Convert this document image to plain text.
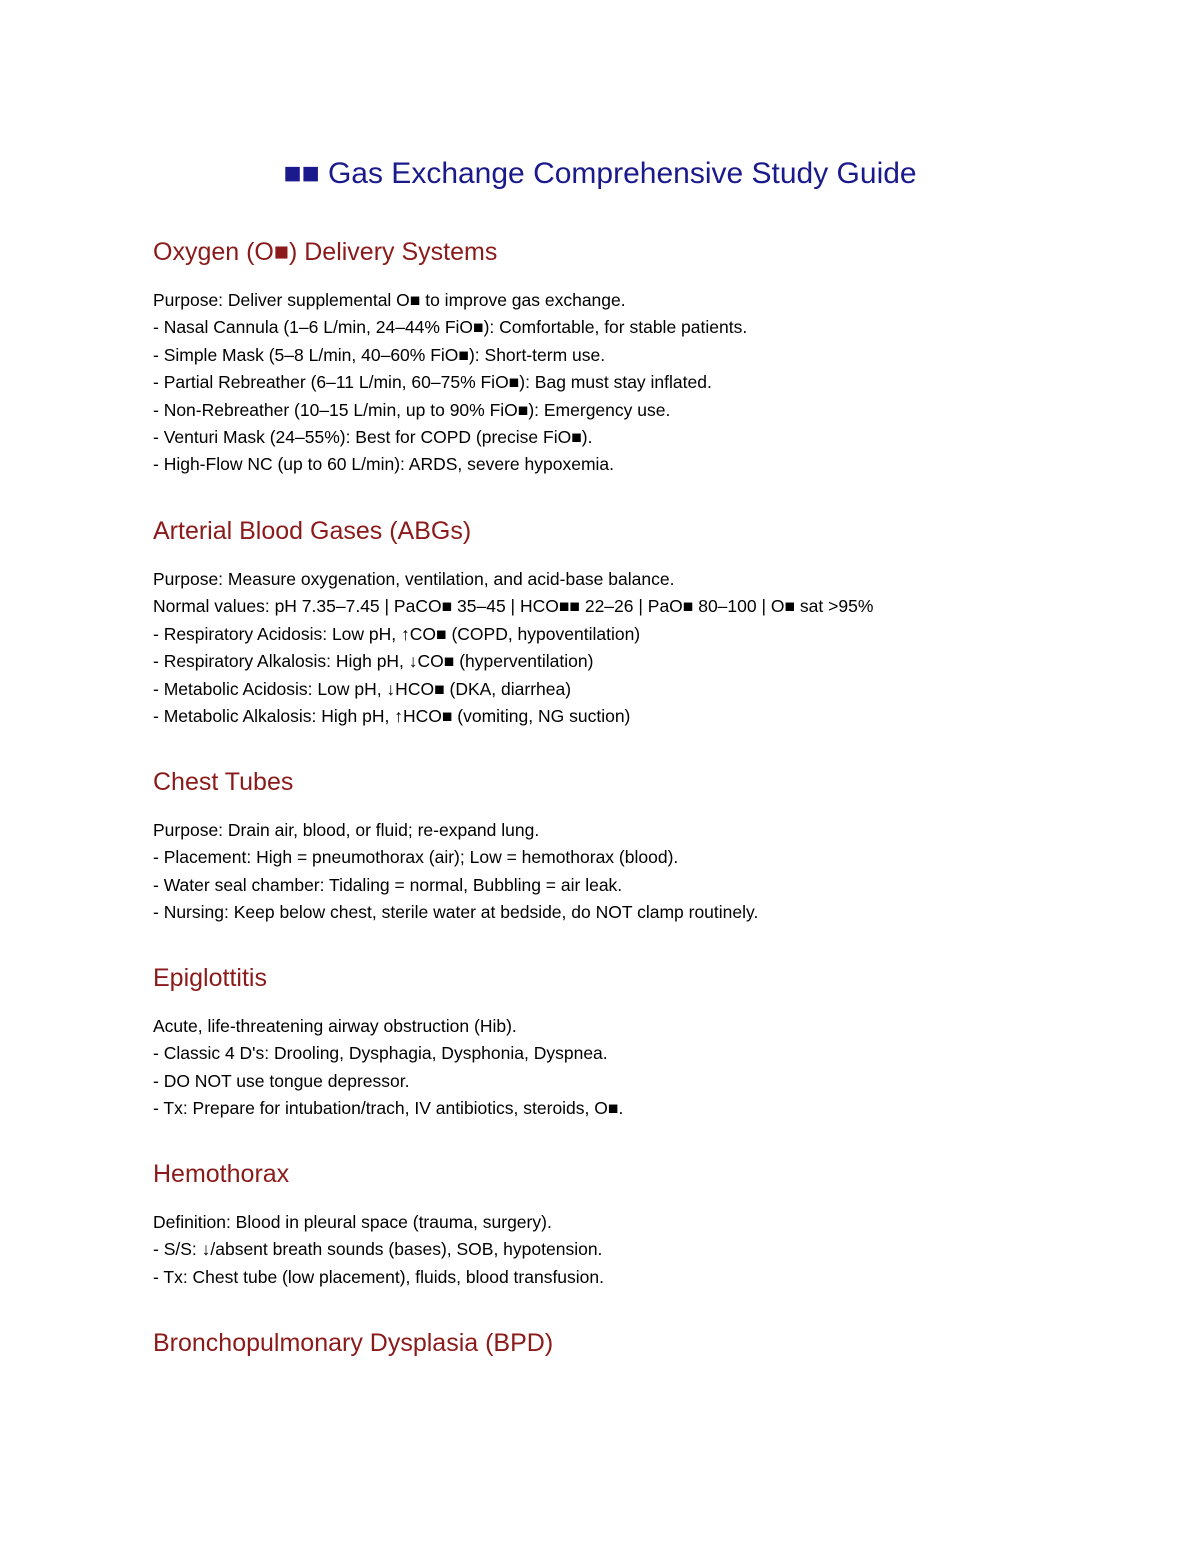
■■ Gas Exchange Comprehensive Study Guide
Oxygen (O■) Delivery Systems
Purpose: Deliver supplemental O■ to improve gas exchange.
- Nasal Cannula (1–6 L/min, 24–44% FiO■): Comfortable, for stable patients.
- Simple Mask (5–8 L/min, 40–60% FiO■): Short-term use.
- Partial Rebreather (6–11 L/min, 60–75% FiO■): Bag must stay inflated.
- Non-Rebreather (10–15 L/min, up to 90% FiO■): Emergency use.
- Venturi Mask (24–55%): Best for COPD (precise FiO■).
- High-Flow NC (up to 60 L/min): ARDS, severe hypoxemia.
Arterial Blood Gases (ABGs)
Purpose: Measure oxygenation, ventilation, and acid-base balance.
Normal values: pH 7.35–7.45 | PaCO■ 35–45 | HCO■■ 22–26 | PaO■ 80–100 | O■ sat >95%
- Respiratory Acidosis: Low pH, ↑CO■ (COPD, hypoventilation)
- Respiratory Alkalosis: High pH, ↓CO■ (hyperventilation)
- Metabolic Acidosis: Low pH, ↓HCO■ (DKA, diarrhea)
- Metabolic Alkalosis: High pH, ↑HCO■ (vomiting, NG suction)
Chest Tubes
Purpose: Drain air, blood, or fluid; re-expand lung.
- Placement: High = pneumothorax (air); Low = hemothorax (blood).
- Water seal chamber: Tidaling = normal, Bubbling = air leak.
- Nursing: Keep below chest, sterile water at bedside, do NOT clamp routinely.
Epiglottitis
Acute, life-threatening airway obstruction (Hib).
- Classic 4 D's: Drooling, Dysphagia, Dysphonia, Dyspnea.
- DO NOT use tongue depressor.
- Tx: Prepare for intubation/trach, IV antibiotics, steroids, O■.
Hemothorax
Definition: Blood in pleural space (trauma, surgery).
- S/S: ↓/absent breath sounds (bases), SOB, hypotension.
- Tx: Chest tube (low placement), fluids, blood transfusion.
Bronchopulmonary Dysplasia (BPD)
